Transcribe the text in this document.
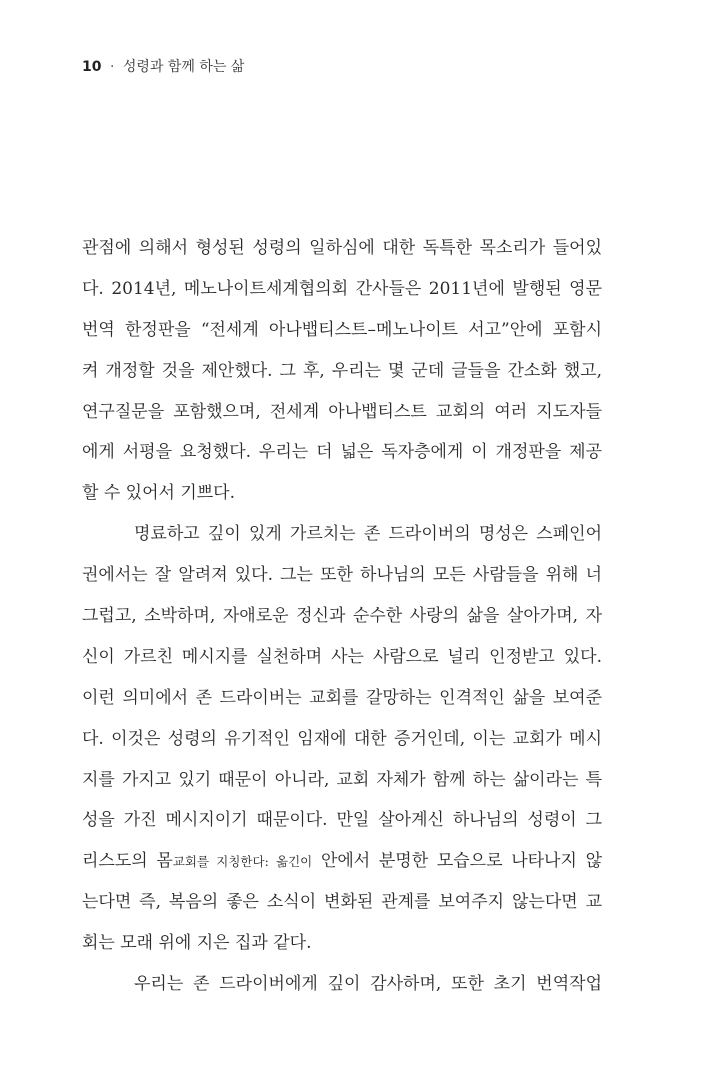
10 · 성령과 함께 하는 삶
관점에 의해서 형성된 성령의 일하심에 대한 독특한 목소리가 들어있
다. 2014년, 메노나이트세계협의회 간사들은 2011년에 발행된 영문
번역 한정판을 “전세계 아나뱁티스트–메노나이트 서고”안에 포함시
켜 개정할 것을 제안했다. 그 후, 우리는 몇 군데 글들을 간소화 했고,
연구질문을 포함했으며, 전세계 아나뱁티스트 교회의 여러 지도자들
에게 서평을 요청했다. 우리는 더 넓은 독자층에게 이 개정판을 제공
할 수 있어서 기쁘다.
명료하고 깊이 있게 가르치는 존 드라이버의 명성은 스페인어
권에서는 잘 알려져 있다. 그는 또한 하나님의 모든 사람들을 위해 너
그럽고, 소박하며, 자애로운 정신과 순수한 사랑의 삶을 살아가며, 자
신이 가르친 메시지를 실천하며 사는 사람으로 널리 인정받고 있다.
이런 의미에서 존 드라이버는 교회를 갈망하는 인격적인 삶을 보여준
다. 이것은 성령의 유기적인 임재에 대한 증거인데, 이는 교회가 메시
지를 가지고 있기 때문이 아니라, 교회 자체가 함께 하는 삶이라는 특
성을 가진 메시지이기 때문이다. 만일 살아계신 하나님의 성령이 그
리스도의 몸교회를 지칭한다: 옮긴이 안에서 분명한 모습으로 나타나지 않
는다면 즉, 복음의 좋은 소식이 변화된 관계를 보여주지 않는다면 교
회는 모래 위에 지은 집과 같다.
우리는 존 드라이버에게 깊이 감사하며, 또한 초기 번역작업
